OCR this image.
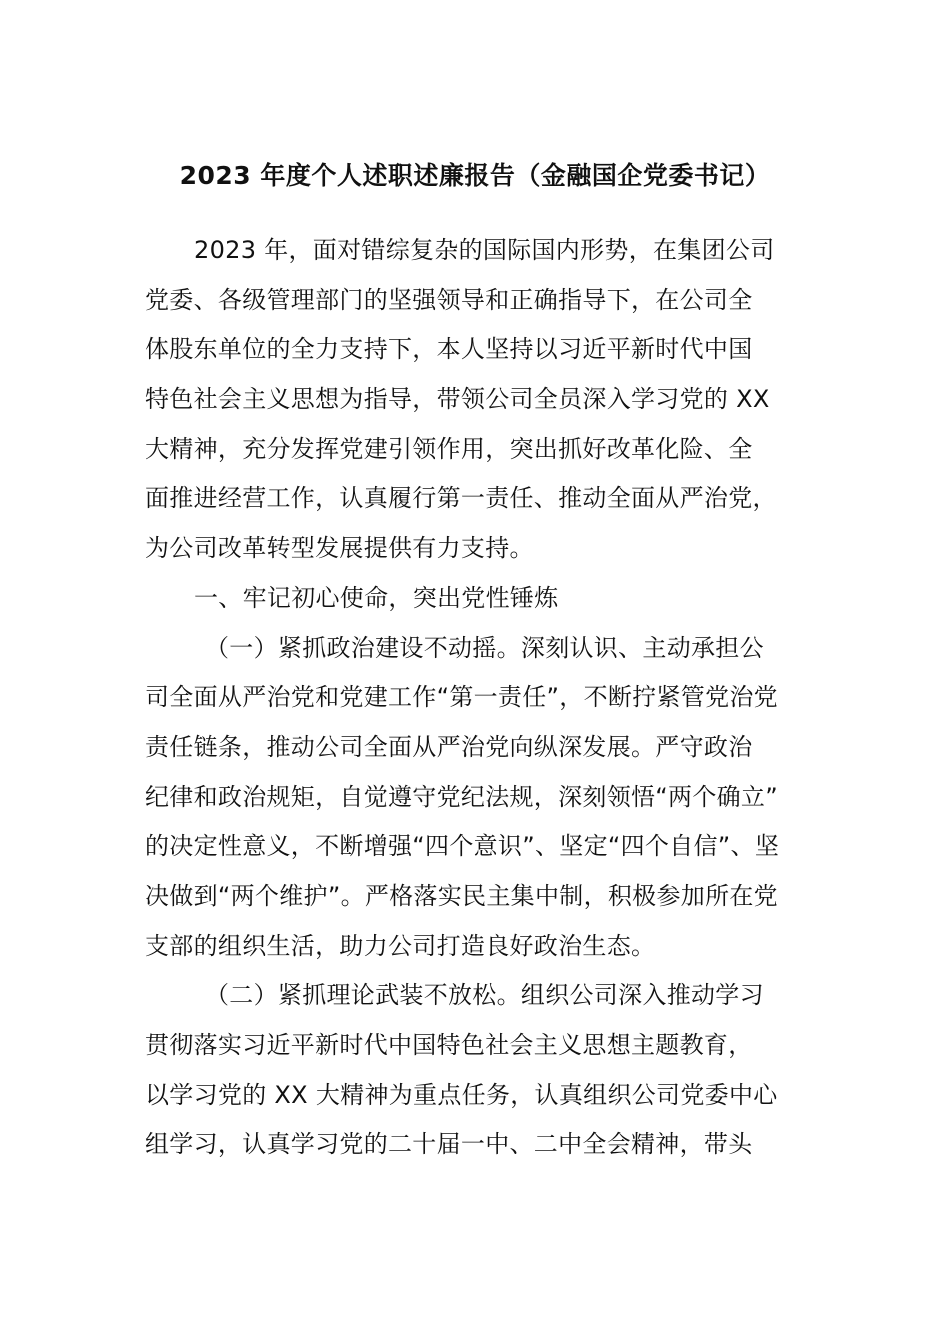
2023 年度个人述职述廉报告（金融国企党委书记）
2023 年，面对错综复杂的国际国内形势，在集团公司
党委、各级管理部门的坚强领导和正确指导下，在公司全
体股东单位的全力支持下，本人坚持以习近平新时代中国
特色社会主义思想为指导，带领公司全员深入学习党的 XX
大精神，充分发挥党建引领作用，突出抓好改革化险、全
面推进经营工作，认真履行第一责任、推动全面从严治党，
为公司改革转型发展提供有力支持。
一、牢记初心使命，突出党性锤炼
（一）紧抓政治建设不动摇。深刻认识、主动承担公
司全面从严治党和党建工作“第一责任”，不断拧紧管党治党
责任链条，推动公司全面从严治党向纵深发展。严守政治
纪律和政治规矩，自觉遵守党纪法规，深刻领悟“两个确立”
的决定性意义，不断增强“四个意识”、坚定“四个自信”、坚
决做到“两个维护”。严格落实民主集中制，积极参加所在党
支部的组织生活，助力公司打造良好政治生态。
（二）紧抓理论武装不放松。组织公司深入推动学习
贯彻落实习近平新时代中国特色社会主义思想主题教育，
以学习党的 XX 大精神为重点任务，认真组织公司党委中心
组学习，认真学习党的二十届一中、二中全会精神，带头
